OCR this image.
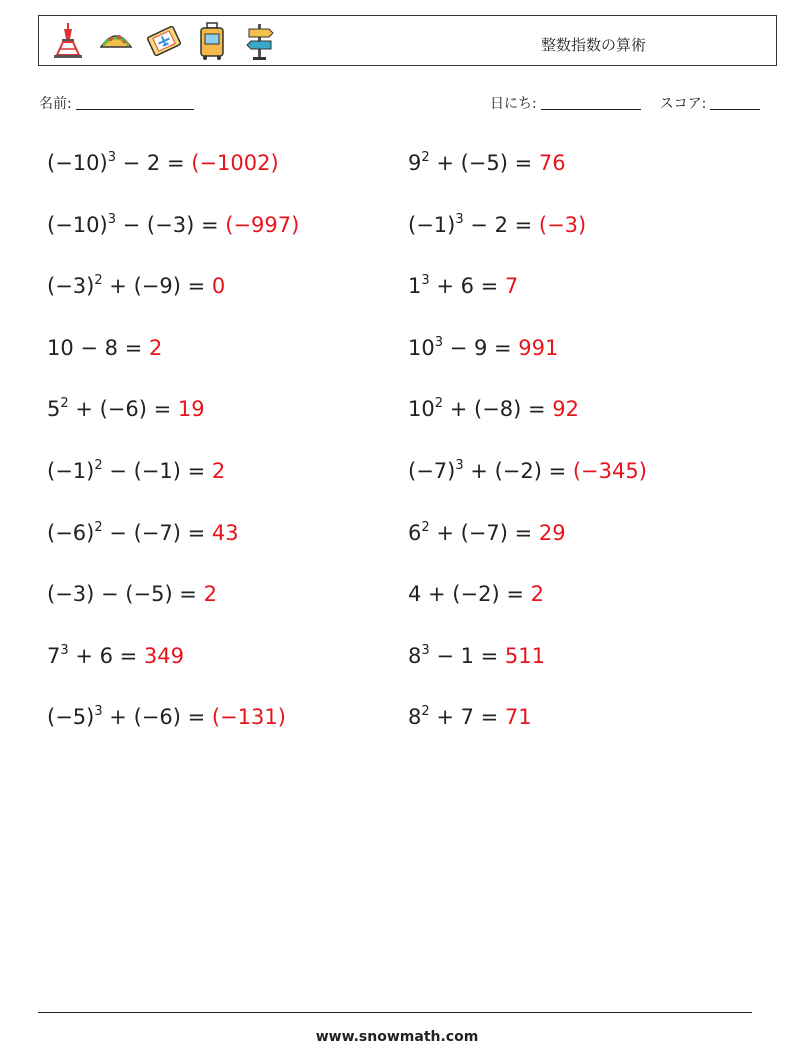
整数指数の算術
名前:	日にち:	スコア:
$(-10)^3 - 2 = (-1002)$	$9^2 + (-5) = 76$
$(-10)^3 - (-3) = (-997)$	$(-1)^3 - 2 = (-3)$
$(-3)^2 + (-9) = 0$	$1^3 + 6 = 7$
10 − 8 = 2	$10^3 - 9 = 991$
$5^2 + (-6) = 19$	$10^2 + (-8) = 92$
$(-1)^2 - (-1) = 2$	$(-7)^3 + (-2) = (-345)$
$(-6)^2 - (-7) = 43$	$6^2 + (-7) = 29$
(−3) − (−5) = 2	4 + (−2) = 2
$7^3 + 6 = 349$	$8^3 - 1 = 511$
$(-5)^3 + (-6) = (-131)$	$8^2 + 7 = 71$
www.snowmath.com
